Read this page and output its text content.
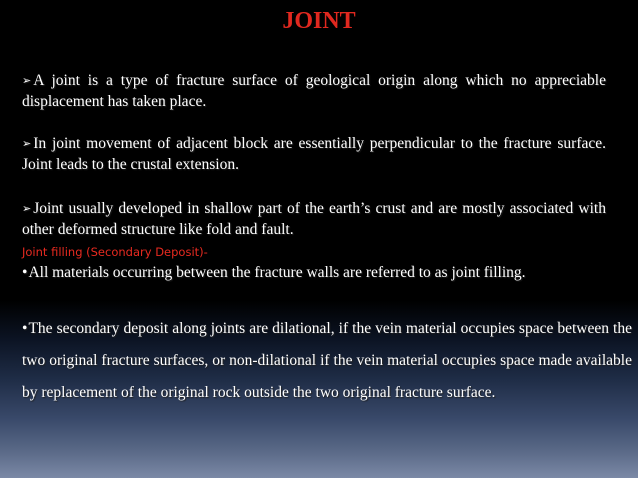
JOINT
➢ A joint is a type of fracture surface of geological origin along which no appreciable displacement has taken place.
➢ In joint movement of adjacent block are essentially perpendicular to the fracture surface. Joint leads to the crustal extension.
➢ Joint usually developed in shallow part of the earth’s crust and are mostly associated with other deformed structure like fold and fault.
Joint filling (Secondary Deposit)-
•All materials occurring between the fracture walls are referred to as joint filling.
•The secondary deposit along joints are dilational, if the vein material occupies space between the two original fracture surfaces, or non-dilational if the vein material occupies space made available by replacement of the original rock outside the two original fracture surface.
